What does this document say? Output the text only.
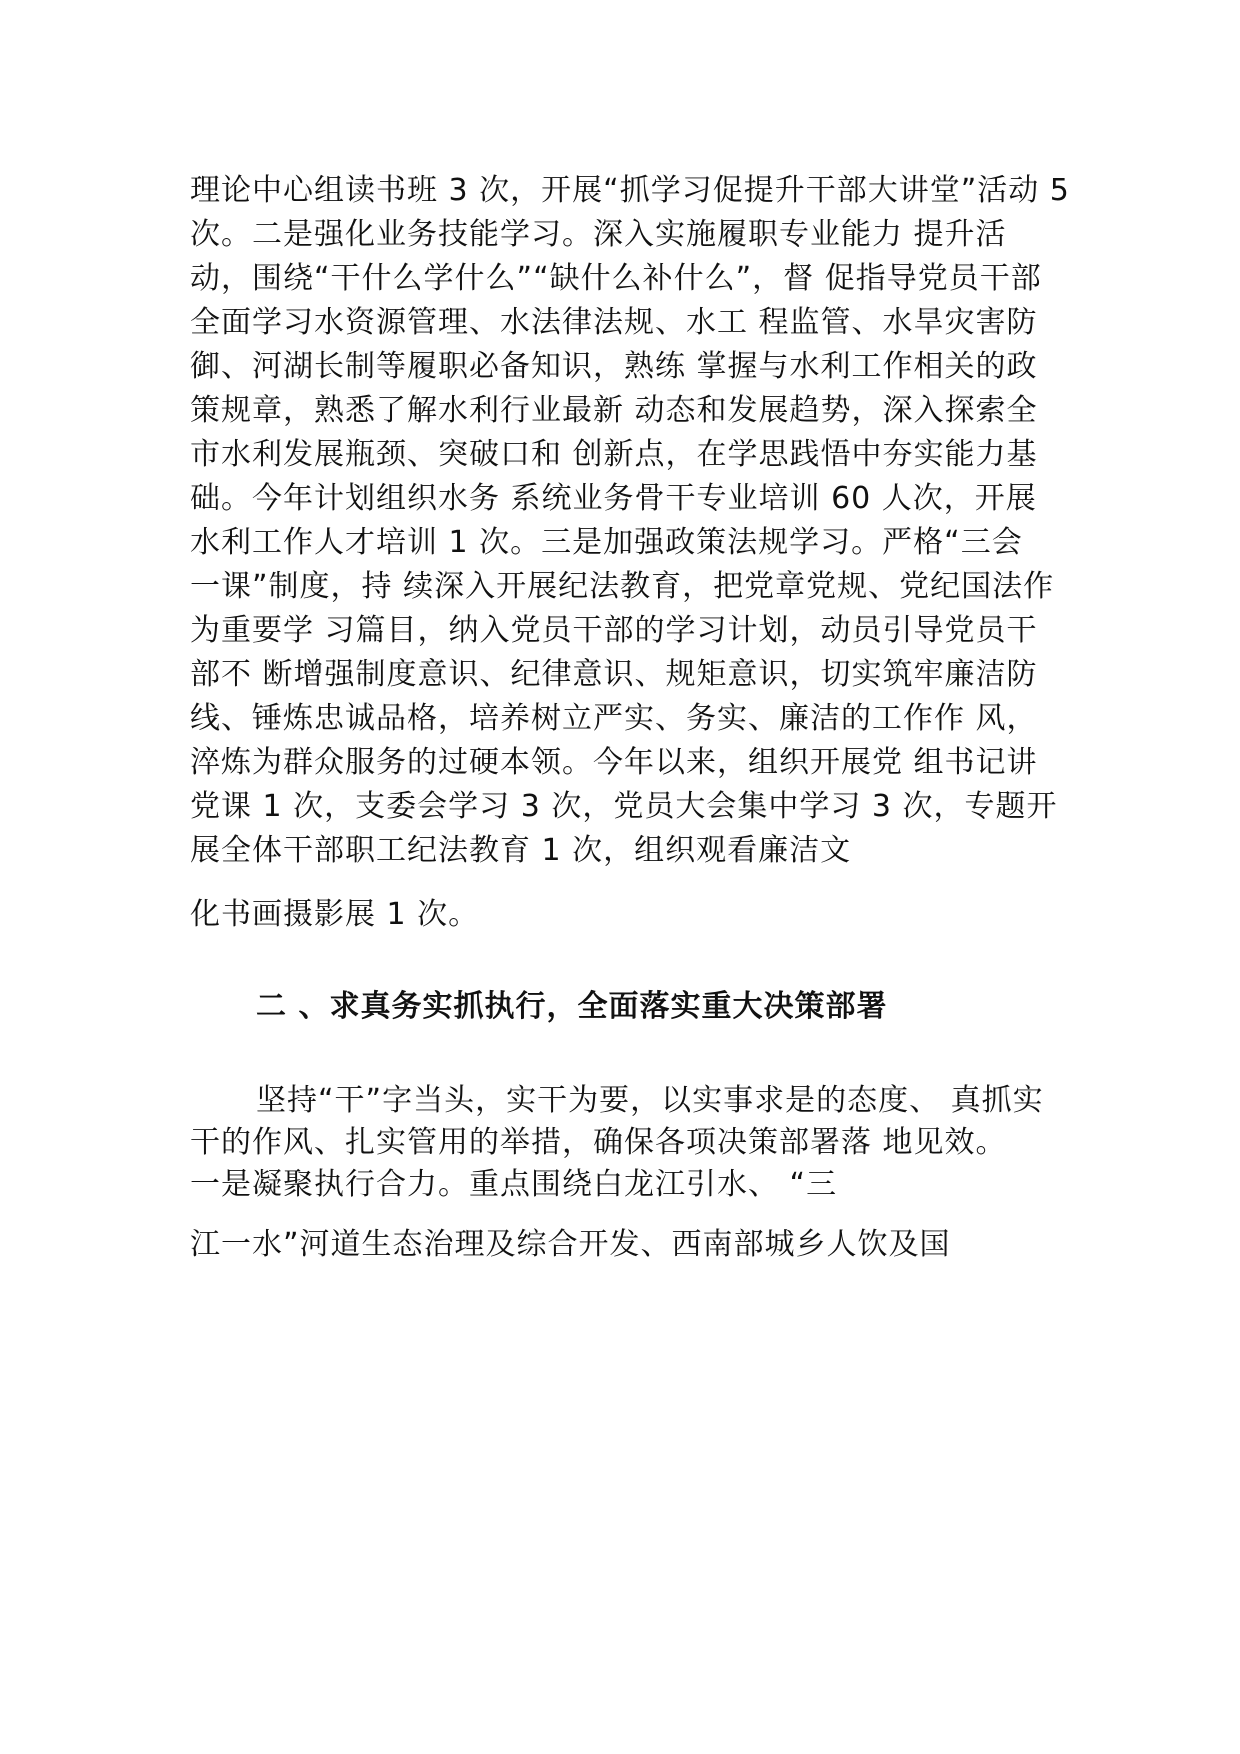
理论中心组读书班 3 次，开展“抓学习促提升干部大讲堂”活动 5
次。二是强化业务技能学习。深入实施履职专业能力 提升活
动，围绕“干什么学什么”“缺什么补什么”，督 促指导党员干部
全面学习水资源管理、水法律法规、水工 程监管、水旱灾害防
御、河湖长制等履职必备知识，熟练 掌握与水利工作相关的政
策规章，熟悉了解水利行业最新 动态和发展趋势，深入探索全
市水利发展瓶颈、突破口和 创新点，在学思践悟中夯实能力基
础。今年计划组织水务 系统业务骨干专业培训 60 人次，开展
水利工作人才培训 1 次。三是加强政策法规学习。严格“三会
一课”制度，持 续深入开展纪法教育，把党章党规、党纪国法作
为重要学 习篇目，纳入党员干部的学习计划，动员引导党员干
部不 断增强制度意识、纪律意识、规矩意识，切实筑牢廉洁防
线、锤炼忠诚品格，培养树立严实、务实、廉洁的工作作 风，
淬炼为群众服务的过硬本领。今年以来，组织开展党 组书记讲
党课 1 次，支委会学习 3 次，党员大会集中学习 3 次，专题开
展全体干部职工纪法教育 1 次，组织观看廉洁文
化书画摄影展 1 次。
二 、求真务实抓执行，全面落实重大决策部署
坚持“干”字当头，实干为要，以实事求是的态度、 真抓实
干的作风、扎实管用的举措，确保各项决策部署落 地见效。
一是凝聚执行合力。重点围绕白龙江引水、 “三
江一水”河道生态治理及综合开发、西南部城乡人饮及国
